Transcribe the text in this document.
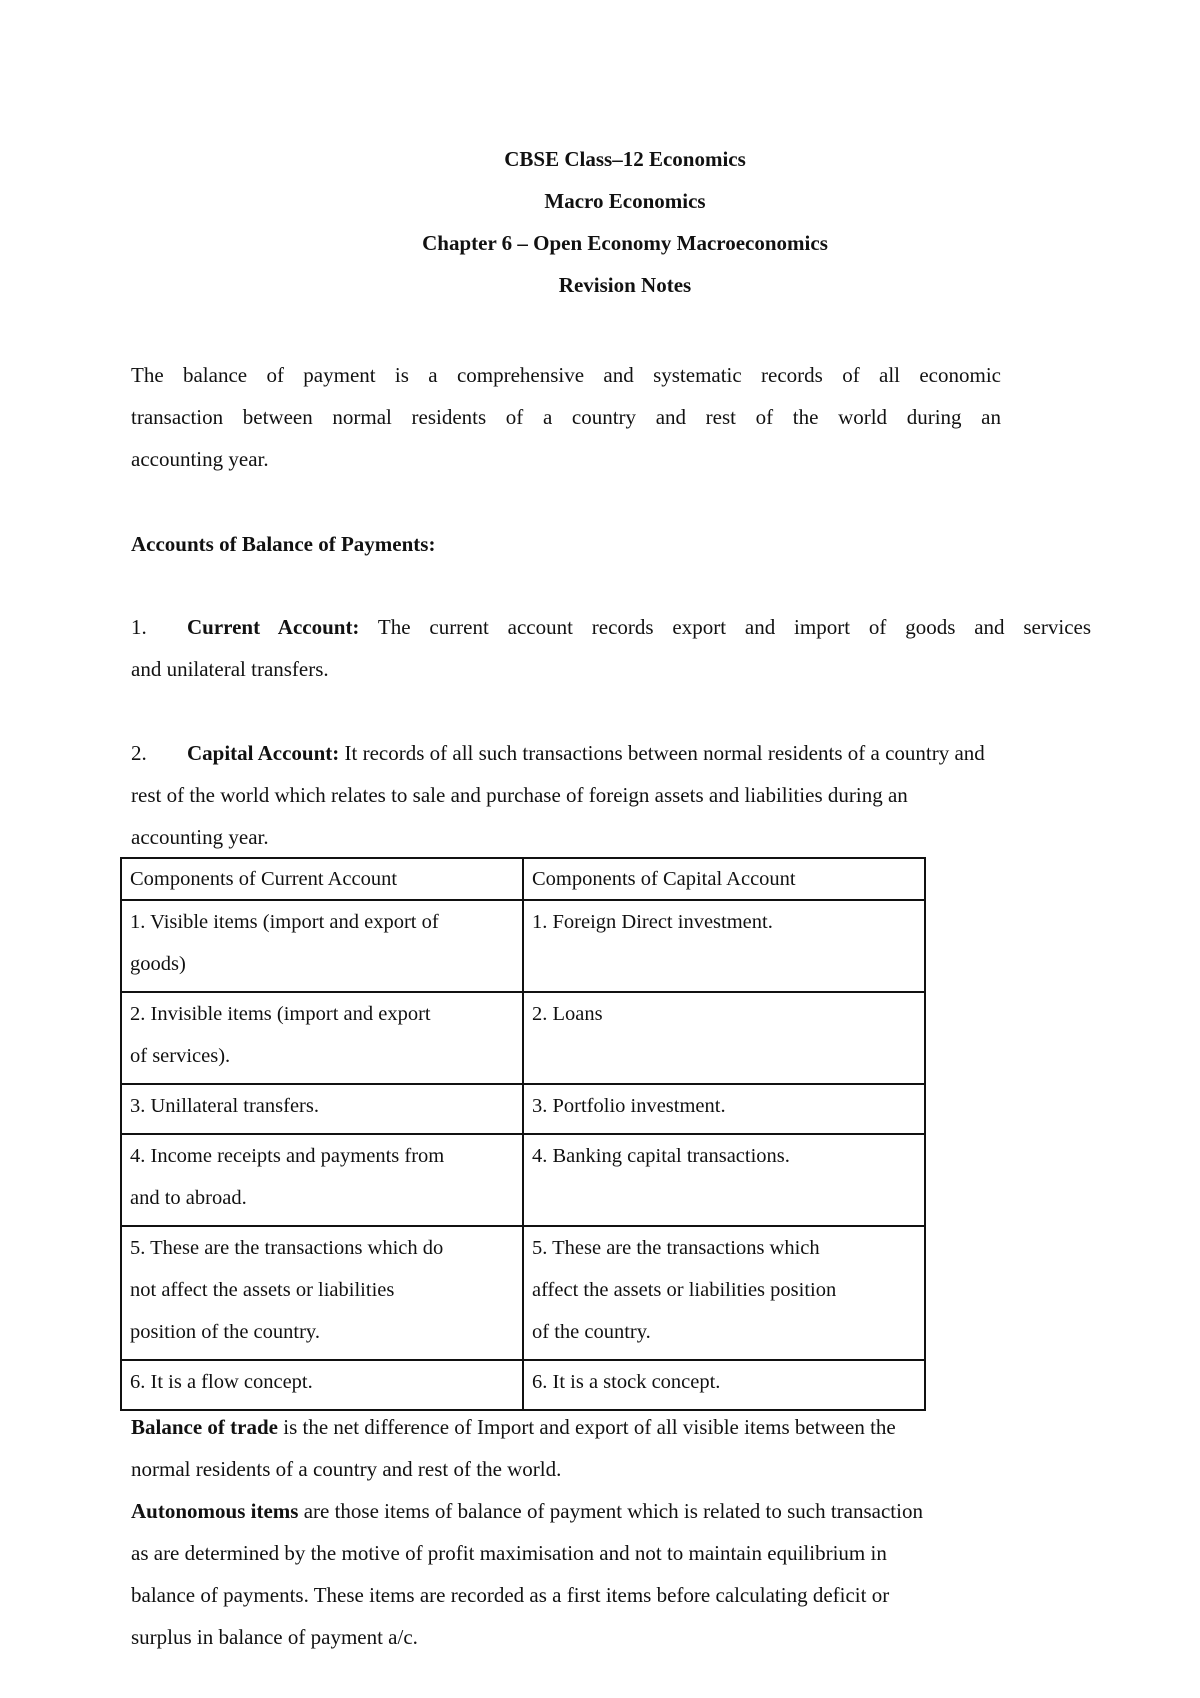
CBSE Class–12 Economics
Macro Economics
Chapter 6 – Open Economy Macroeconomics
Revision Notes
The balance of payment is a comprehensive and systematic records of all economic
transaction between normal residents of a country and rest of the world during an
accounting year.
Accounts of Balance of Payments:
1. Current Account: The current account records export and import of goods and services
and unilateral transfers.
2. Capital Account: It records of all such transactions between normal residents of a country and
rest of the world which relates to sale and purchase of foreign assets and liabilities during an
accounting year.
Components of Current Account	Components of Capital Account

1. Visible items (import and export of
goods)	1. Foreign Direct investment.

2. Invisible items (import and export
of services).	2. Loans

3. Unillateral transfers.	3. Portfolio investment.

4. Income receipts and payments from
and to abroad.	4. Banking capital transactions.

5. These are the transactions which do
not affect the assets or liabilities
position of the country.	5. These are the transactions which
affect the assets or liabilities position
of the country.

6. It is a flow concept.	6. It is a stock concept.
Balance of trade is the net difference of Import and export of all visible items between the
normal residents of a country and rest of the world.
Autonomous items are those items of balance of payment which is related to such transaction
as are determined by the motive of profit maximisation and not to maintain equilibrium in
balance of payments. These items are recorded as a first items before calculating deficit or
surplus in balance of payment a/c.
